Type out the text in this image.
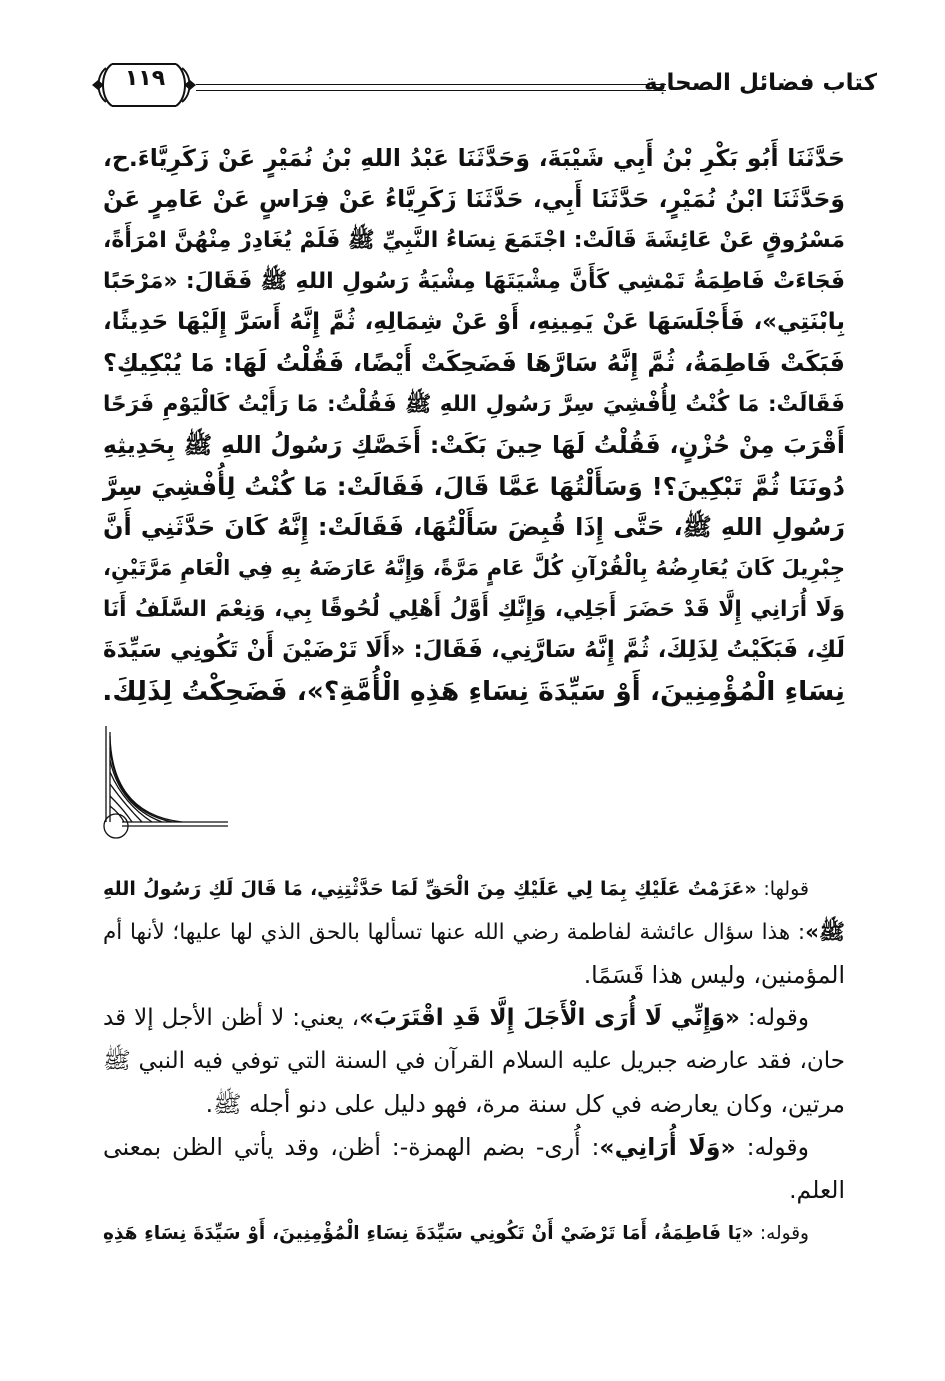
كتاب فضائل الصحابة
١١٩
حَدَّثَنَا أَبُو بَكْرِ بْنُ أَبِي شَيْبَةَ، وَحَدَّثَنَا عَبْدُ اللهِ بْنُ نُمَيْرٍ عَنْ زَكَرِيَّاءَ.ح،
وَحَدَّثَنَا ابْنُ نُمَيْرٍ، حَدَّثَنَا أَبِي، حَدَّثَنَا زَكَرِيَّاءُ عَنْ فِرَاسٍ عَنْ عَامِرٍ عَنْ
مَسْرُوقٍ عَنْ عَائِشَةَ قَالَتْ: اجْتَمَعَ نِسَاءُ النَّبِيِّ ﷺ فَلَمْ يُغَادِرْ مِنْهُنَّ امْرَأَةً،
فَجَاءَتْ فَاطِمَةُ تَمْشِي كَأَنَّ مِشْيَتَهَا مِشْيَةُ رَسُولِ اللهِ ﷺ فَقَالَ: «مَرْحَبًا
بِابْنَتِي»، فَأَجْلَسَهَا عَنْ يَمِينِهِ، أَوْ عَنْ شِمَالِهِ، ثُمَّ إِنَّهُ أَسَرَّ إِلَيْهَا حَدِيثًا،
فَبَكَتْ فَاطِمَةُ، ثُمَّ إِنَّهُ سَارَّهَا فَضَحِكَتْ أَيْضًا، فَقُلْتُ لَهَا: مَا يُبْكِيكِ؟
فَقَالَتْ: مَا كُنْتُ لِأُفْشِيَ سِرَّ رَسُولِ اللهِ ﷺ فَقُلْتُ: مَا رَأَيْتُ كَالْيَوْمِ فَرَحًا
أَقْرَبَ مِنْ حُزْنٍ، فَقُلْتُ لَهَا حِينَ بَكَتْ: أَخَصَّكِ رَسُولُ اللهِ ﷺ بِحَدِيثِهِ
دُونَنَا ثُمَّ تَبْكِينَ؟! وَسَأَلْتُهَا عَمَّا قَالَ، فَقَالَتْ: مَا كُنْتُ لِأُفْشِيَ سِرَّ
رَسُولِ اللهِ ﷺ، حَتَّى إِذَا قُبِضَ سَأَلْتُهَا، فَقَالَتْ: إِنَّهُ كَانَ حَدَّثَنِي أَنَّ
جِبْرِيلَ كَانَ يُعَارِضُهُ بِالْقُرْآنِ كُلَّ عَامٍ مَرَّةً، وَإِنَّهُ عَارَضَهُ بِهِ فِي الْعَامِ مَرَّتَيْنِ،
وَلَا أُرَانِي إِلَّا قَدْ حَضَرَ أَجَلِي، وَإِنَّكِ أَوَّلُ أَهْلِي لُحُوقًا بِي، وَنِعْمَ السَّلَفُ أَنَا
لَكِ، فَبَكَيْتُ لِذَلِكَ، ثُمَّ إِنَّهُ سَارَّنِي، فَقَالَ: «أَلَا تَرْضَيْنَ أَنْ تَكُونِي سَيِّدَةَ
نِسَاءِ الْمُؤْمِنِينَ، أَوْ سَيِّدَةَ نِسَاءِ هَذِهِ الْأُمَّةِ؟»، فَضَحِكْتُ لِذَلِكَ.
قولها: «عَزَمْتُ عَلَيْكِ بِمَا لِي عَلَيْكِ مِنَ الْحَقِّ لَمَا حَدَّثْتِنِي، مَا قَالَ لَكِ رَسُولُ اللهِ
ﷺ»: هذا سؤال عائشة لفاطمة رضي الله عنها تسألها بالحق الذي لها عليها؛ لأنها أم
المؤمنين، وليس هذا قَسَمًا.
وقوله: «وَإِنِّي لَا أُرَى الْأَجَلَ إِلَّا قَدِ اقْتَرَبَ»، يعني: لا أظن الأجل إلا قد
حان، فقد عارضه جبريل عليه السلام القرآن في السنة التي توفي فيه النبي ﷺ
مرتين، وكان يعارضه في كل سنة مرة، فهو دليل على دنو أجله ﷺ.
وقوله: «وَلَا أُرَانِي»: أُرى- بضم الهمزة-: أظن، وقد يأتي الظن بمعنى
العلم.
وقوله: «يَا فَاطِمَةُ، أَمَا تَرْضَيْ أَنْ تَكُونِي سَيِّدَةَ نِسَاءِ الْمُؤْمِنِينَ، أَوْ سَيِّدَةَ نِسَاءِ هَذِهِ
